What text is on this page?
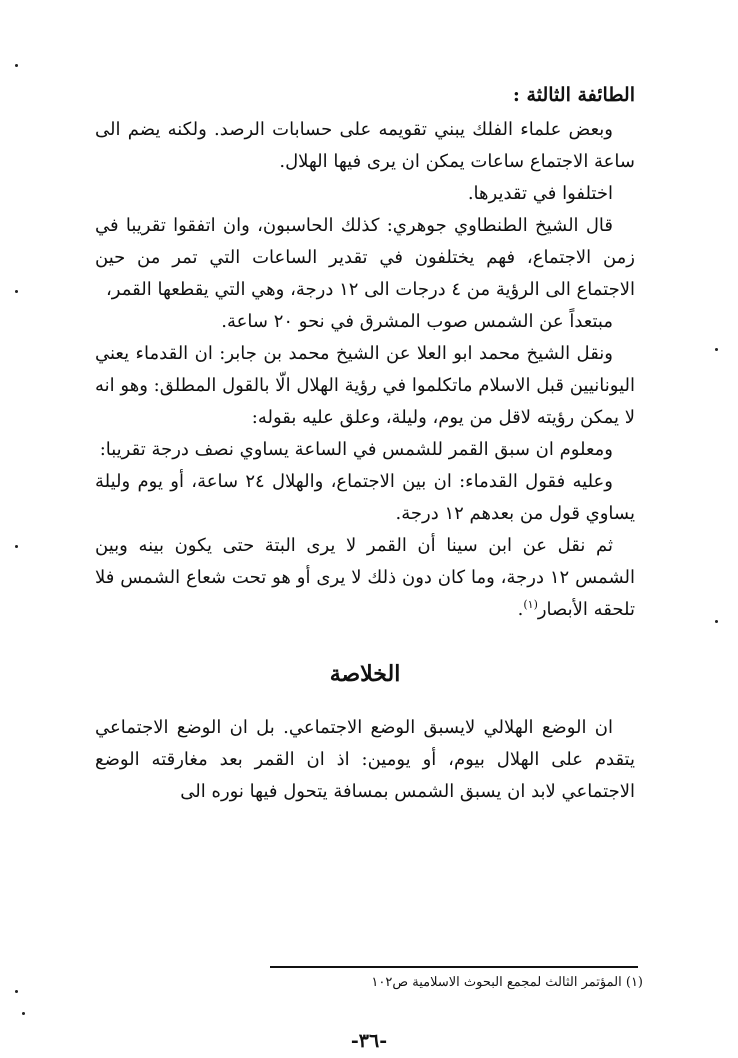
الطائفة الثالثة :

وبعض علماء الفلك يبني تقويمه على حسابات الرصد. ولكنه يضم الى ساعة الاجتماع ساعات يمكن ان يرى فيها الهلال.

اختلفوا في تقديرها.

قال الشيخ الطنطاوي جوهري: كذلك الحاسبون، وان اتفقوا تقريبا في زمن الاجتماع، فهم يختلفون في تقدير الساعات التي تمر من حين الاجتماع الى الرؤية من ٤ درجات الى ١٢ درجة، وهي التي يقطعها القمر،

مبتعداً عن الشمس صوب المشرق في نحو ٢٠ ساعة.

ونقل الشيخ محمد ابو العلا عن الشيخ محمد بن جابر: ان القدماء يعني اليونانيين قبل الاسلام ماتكلموا في رؤية الهلال الّا بالقول المطلق: وهو انه لا يمكن رؤيته لاقل من يوم، وليلة، وعلق عليه بقوله:

ومعلوم ان سبق القمر للشمس في الساعة يساوي نصف درجة تقريبا:

وعليه فقول القدماء: ان بين الاجتماع، والهلال ٢٤ ساعة، أو يوم وليلة يساوي قول من بعدهم ١٢ درجة.

ثم نقل عن ابن سينا أن القمر لا يرى البتة حتى يكون بينه وبين الشمس ١٢ درجة، وما كان دون ذلك لا يرى أو هو تحت شعاع الشمس فلا تلحقه الأبصار$^{(١)}$.

الخلاصة

ان الوضع الهلالي لايسبق الوضع الاجتماعي. بل ان الوضع الاجتماعي يتقدم على الهلال بيوم، أو يومين: اذ ان القمر بعد مغارقته الوضع الاجتماعي لابد ان يسبق الشمس بمسافة يتحول فيها نوره الى

(١) المؤتمر الثالث لمجمع البحوث الاسلامية ص١٠٢
-٣٦-
